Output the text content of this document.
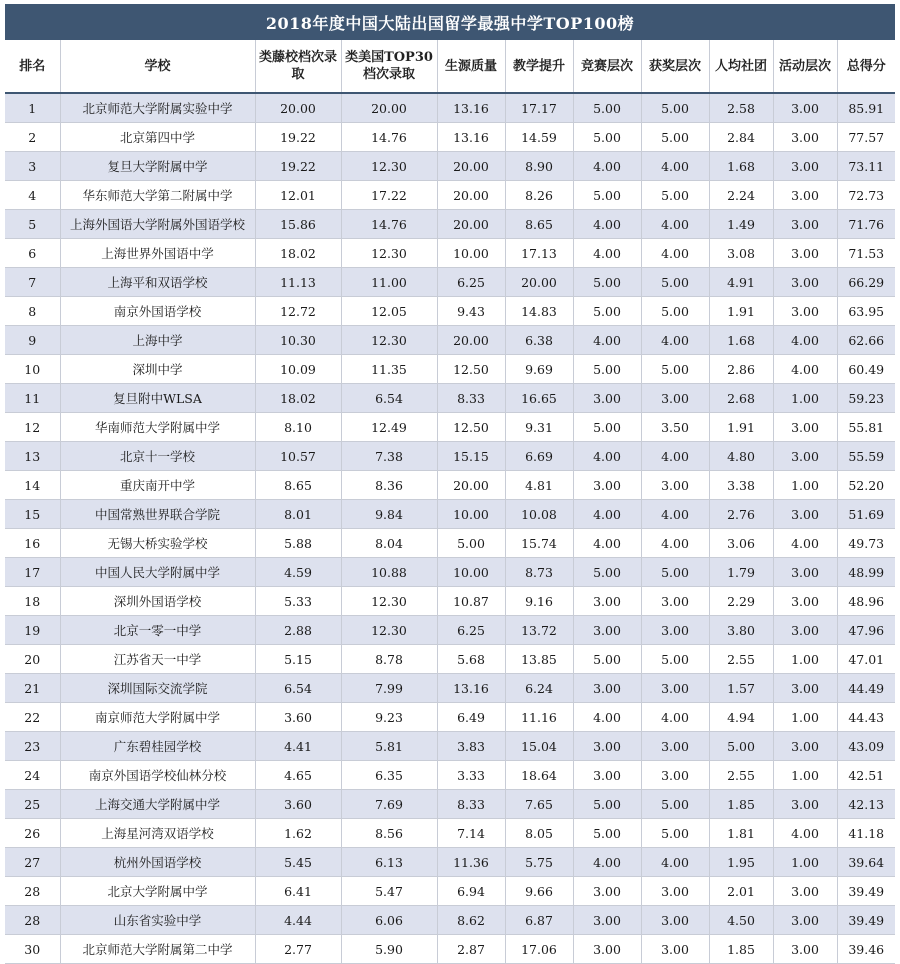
2018年度中国大陆出国留学最强中学TOP100榜
排名	学校	类藤校档次录取	类美国TOP30档次录取	生源质量	教学提升	竞赛层次	获奖层次	人均社团	活动层次	总得分
1	北京师范大学附属实验中学	20.00	20.00	13.16	17.17	5.00	5.00	2.58	3.00	85.91
2	北京第四中学	19.22	14.76	13.16	14.59	5.00	5.00	2.84	3.00	77.57
3	复旦大学附属中学	19.22	12.30	20.00	8.90	4.00	4.00	1.68	3.00	73.11
4	华东师范大学第二附属中学	12.01	17.22	20.00	8.26	5.00	5.00	2.24	3.00	72.73
5	上海外国语大学附属外国语学校	15.86	14.76	20.00	8.65	4.00	4.00	1.49	3.00	71.76
6	上海世界外国语中学	18.02	12.30	10.00	17.13	4.00	4.00	3.08	3.00	71.53
7	上海平和双语学校	11.13	11.00	6.25	20.00	5.00	5.00	4.91	3.00	66.29
8	南京外国语学校	12.72	12.05	9.43	14.83	5.00	5.00	1.91	3.00	63.95
9	上海中学	10.30	12.30	20.00	6.38	4.00	4.00	1.68	4.00	62.66
10	深圳中学	10.09	11.35	12.50	9.69	5.00	5.00	2.86	4.00	60.49
11	复旦附中WLSA	18.02	6.54	8.33	16.65	3.00	3.00	2.68	1.00	59.23
12	华南师范大学附属中学	8.10	12.49	12.50	9.31	5.00	3.50	1.91	3.00	55.81
13	北京十一学校	10.57	7.38	15.15	6.69	4.00	4.00	4.80	3.00	55.59
14	重庆南开中学	8.65	8.36	20.00	4.81	3.00	3.00	3.38	1.00	52.20
15	中国常熟世界联合学院	8.01	9.84	10.00	10.08	4.00	4.00	2.76	3.00	51.69
16	无锡大桥实验学校	5.88	8.04	5.00	15.74	4.00	4.00	3.06	4.00	49.73
17	中国人民大学附属中学	4.59	10.88	10.00	8.73	5.00	5.00	1.79	3.00	48.99
18	深圳外国语学校	5.33	12.30	10.87	9.16	3.00	3.00	2.29	3.00	48.96
19	北京一零一中学	2.88	12.30	6.25	13.72	3.00	3.00	3.80	3.00	47.96
20	江苏省天一中学	5.15	8.78	5.68	13.85	5.00	5.00	2.55	1.00	47.01
21	深圳国际交流学院	6.54	7.99	13.16	6.24	3.00	3.00	1.57	3.00	44.49
22	南京师范大学附属中学	3.60	9.23	6.49	11.16	4.00	4.00	4.94	1.00	44.43
23	广东碧桂园学校	4.41	5.81	3.83	15.04	3.00	3.00	5.00	3.00	43.09
24	南京外国语学校仙林分校	4.65	6.35	3.33	18.64	3.00	3.00	2.55	1.00	42.51
25	上海交通大学附属中学	3.60	7.69	8.33	7.65	5.00	5.00	1.85	3.00	42.13
26	上海星河湾双语学校	1.62	8.56	7.14	8.05	5.00	5.00	1.81	4.00	41.18
27	杭州外国语学校	5.45	6.13	11.36	5.75	4.00	4.00	1.95	1.00	39.64
28	北京大学附属中学	6.41	5.47	6.94	9.66	3.00	3.00	2.01	3.00	39.49
28	山东省实验中学	4.44	6.06	8.62	6.87	3.00	3.00	4.50	3.00	39.49
30	北京师范大学附属第二中学	2.77	5.90	2.87	17.06	3.00	3.00	1.85	3.00	39.46
